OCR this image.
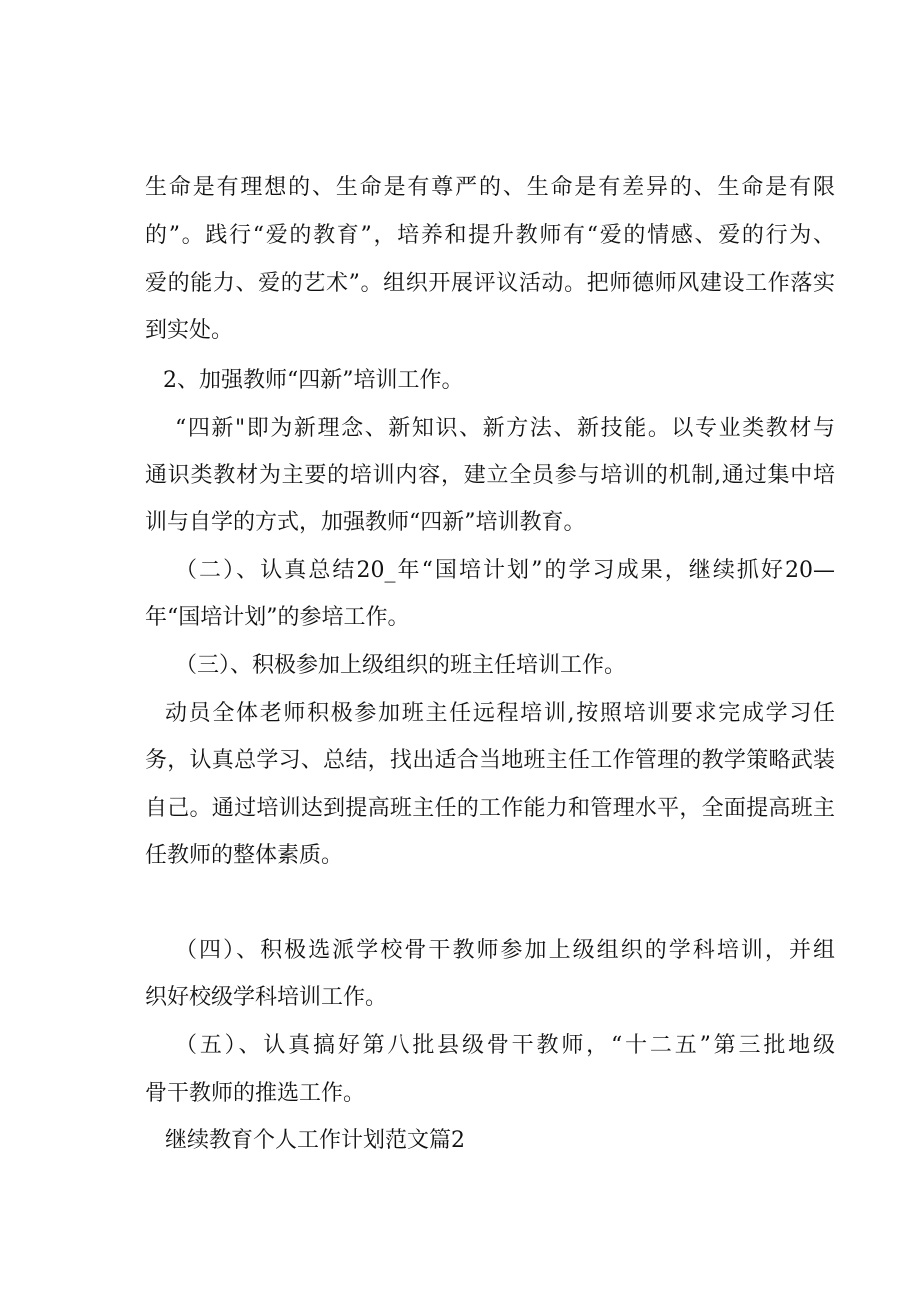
生命是有理想的、生命是有尊严的、生命是有差异的、生命是有限
的”。践行“爱的教育”，培养和提升教师有“爱的情感、爱的行为、
爱的能力、爱的艺术”。组织开展评议活动。把师德师风建设工作落实
到实处。
2、加强教师“四新”培训工作。
“四新"即为新理念、新知识、新方法、新技能。以专业类教材与
通识类教材为主要的培训内容，建立全员参与培训的机制,通过集中培
训与自学的方式，加强教师“四新”培训教育。
（二）、认真总结20_年“国培计划”的学习成果，继续抓好20—
年“国培计划”的参培工作。
（三）、积极参加上级组织的班主任培训工作。
动员全体老师积极参加班主任远程培训,按照培训要求完成学习任
务，认真总学习、总结，找出适合当地班主任工作管理的教学策略武装
自己。通过培训达到提高班主任的工作能力和管理水平，全面提高班主
任教师的整体素质。
（四）、积极选派学校骨干教师参加上级组织的学科培训，并组
织好校级学科培训工作。
（五）、认真搞好第八批县级骨干教师，“十二五”第三批地级
骨干教师的推选工作。
继续教育个人工作计划范文篇2
